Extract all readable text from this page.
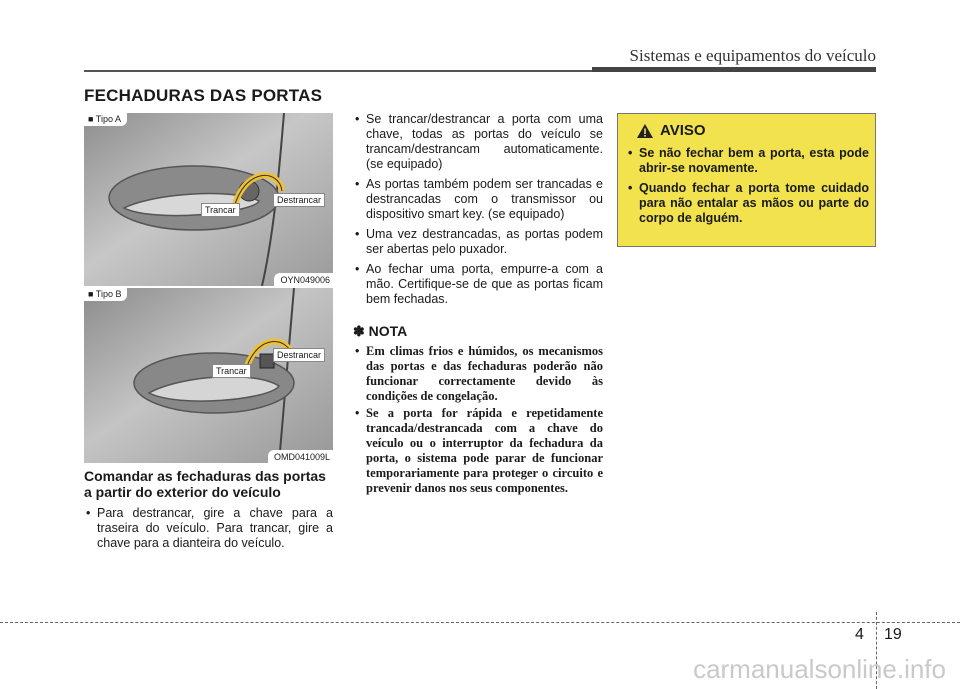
Sistemas e equipamentos do veículo
FECHADURAS DAS PORTAS
■ Tipo A
Trancar
Destrancar
OYN049006
■ Tipo B
Trancar
Destrancar
OMD041009L
Comandar as fechaduras das portas a partir do exterior do veículo
• Para destrancar, gire a chave para a traseira do veículo. Para trancar, gire a chave para a dianteira do veículo.
• Se trancar/destrancar a porta com uma chave, todas as portas do veículo se trancam/destrancam automaticamente. (se equipado)
• As portas também podem ser trancadas e destrancadas com o transmissor ou dispositivo smart key. (se equipado)
• Uma vez destrancadas, as portas podem ser abertas pelo puxador.
• Ao fechar uma porta, empurre-a com a mão. Certifique-se de que as portas ficam bem fechadas.
✽ NOTA
• Em climas frios e húmidos, os mecanismos das portas e das fechaduras poderão não funcionar correctamente devido às condições de congelação.
• Se a porta for rápida e repetidamente trancada/destrancada com a chave do veículo ou o interruptor da fechadura da porta, o sistema pode parar de funcionar temporariamente para proteger o circuito e prevenir danos nos seus componentes.
AVISO
• Se não fechar bem a porta, esta pode abrir-se novamente.
• Quando fechar a porta tome cuidado para não entalar as mãos ou parte do corpo de alguém.
4 19
carmanualsonline.info
